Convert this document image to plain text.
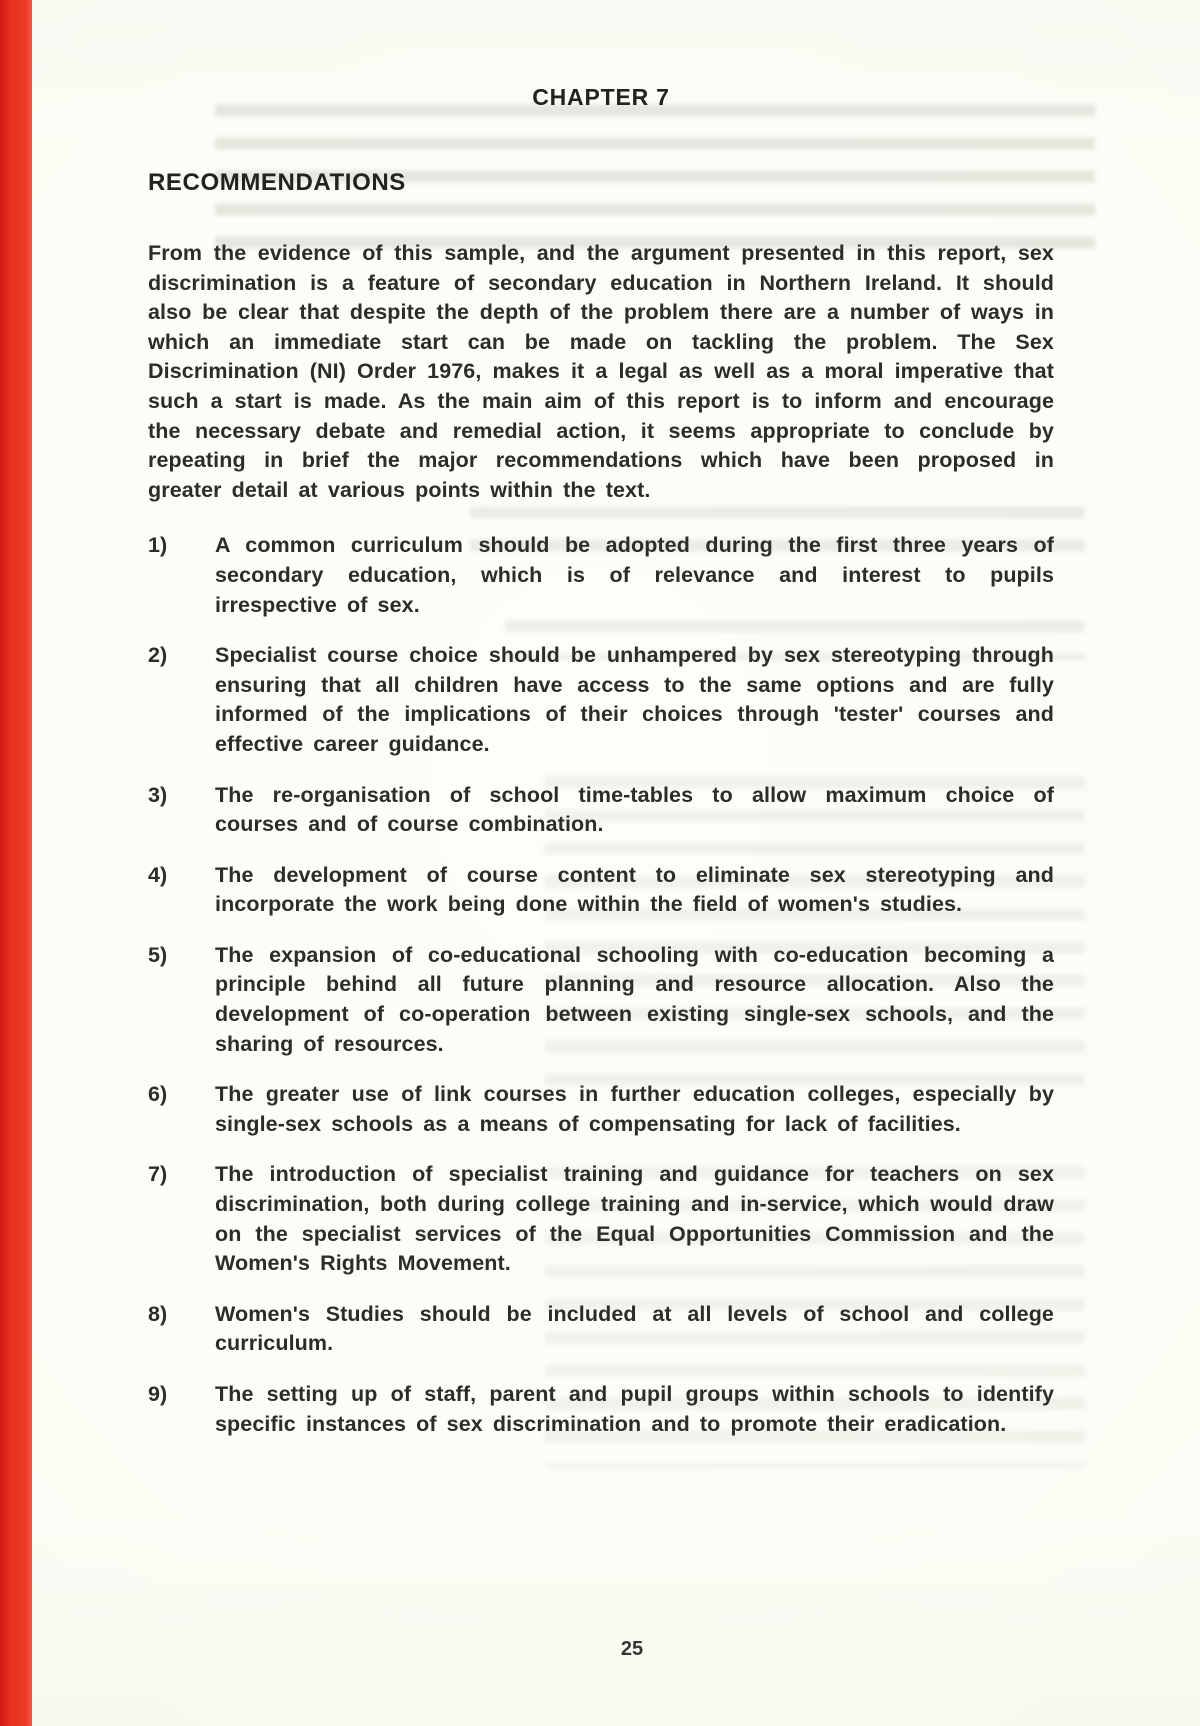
CHAPTER 7
RECOMMENDATIONS

From the evidence of this sample, and the argument presented in this report, sex discrimination is a feature of secondary education in Northern Ireland. It should also be clear that despite the depth of the problem there are a number of ways in which an immediate start can be made on tackling the problem. The Sex Discrimination (NI) Order 1976, makes it a legal as well as a moral imperative that such a start is made. As the main aim of this report is to inform and encourage the necessary debate and remedial action, it seems appropriate to conclude by repeating in brief the major recommendations which have been proposed in greater detail at various points within the text.

1)	A common curriculum should be adopted during the first three years of secondary education, which is of relevance and interest to pupils irrespective of sex.
2)	Specialist course choice should be unhampered by sex stereotyping through ensuring that all children have access to the same options and are fully informed of the implications of their choices through 'tester' courses and effective career guidance.
3)	The re-organisation of school time-tables to allow maximum choice of courses and of course combination.
4)	The development of course content to eliminate sex stereotyping and incorporate the work being done within the field of women's studies.
5)	The expansion of co-educational schooling with co-education becoming a principle behind all future planning and resource allocation. Also the development of co-operation between existing single-sex schools, and the sharing of resources.
6)	The greater use of link courses in further education colleges, especially by single-sex schools as a means of compensating for lack of facilities.
7)	The introduction of specialist training and guidance for teachers on sex discrimination, both during college training and in-service, which would draw on the specialist services of the Equal Opportunities Commission and the Women's Rights Movement.
8)	Women's Studies should be included at all levels of school and college curriculum.
9)	The setting up of staff, parent and pupil groups within schools to identify specific instances of sex discrimination and to promote their eradication.
25
